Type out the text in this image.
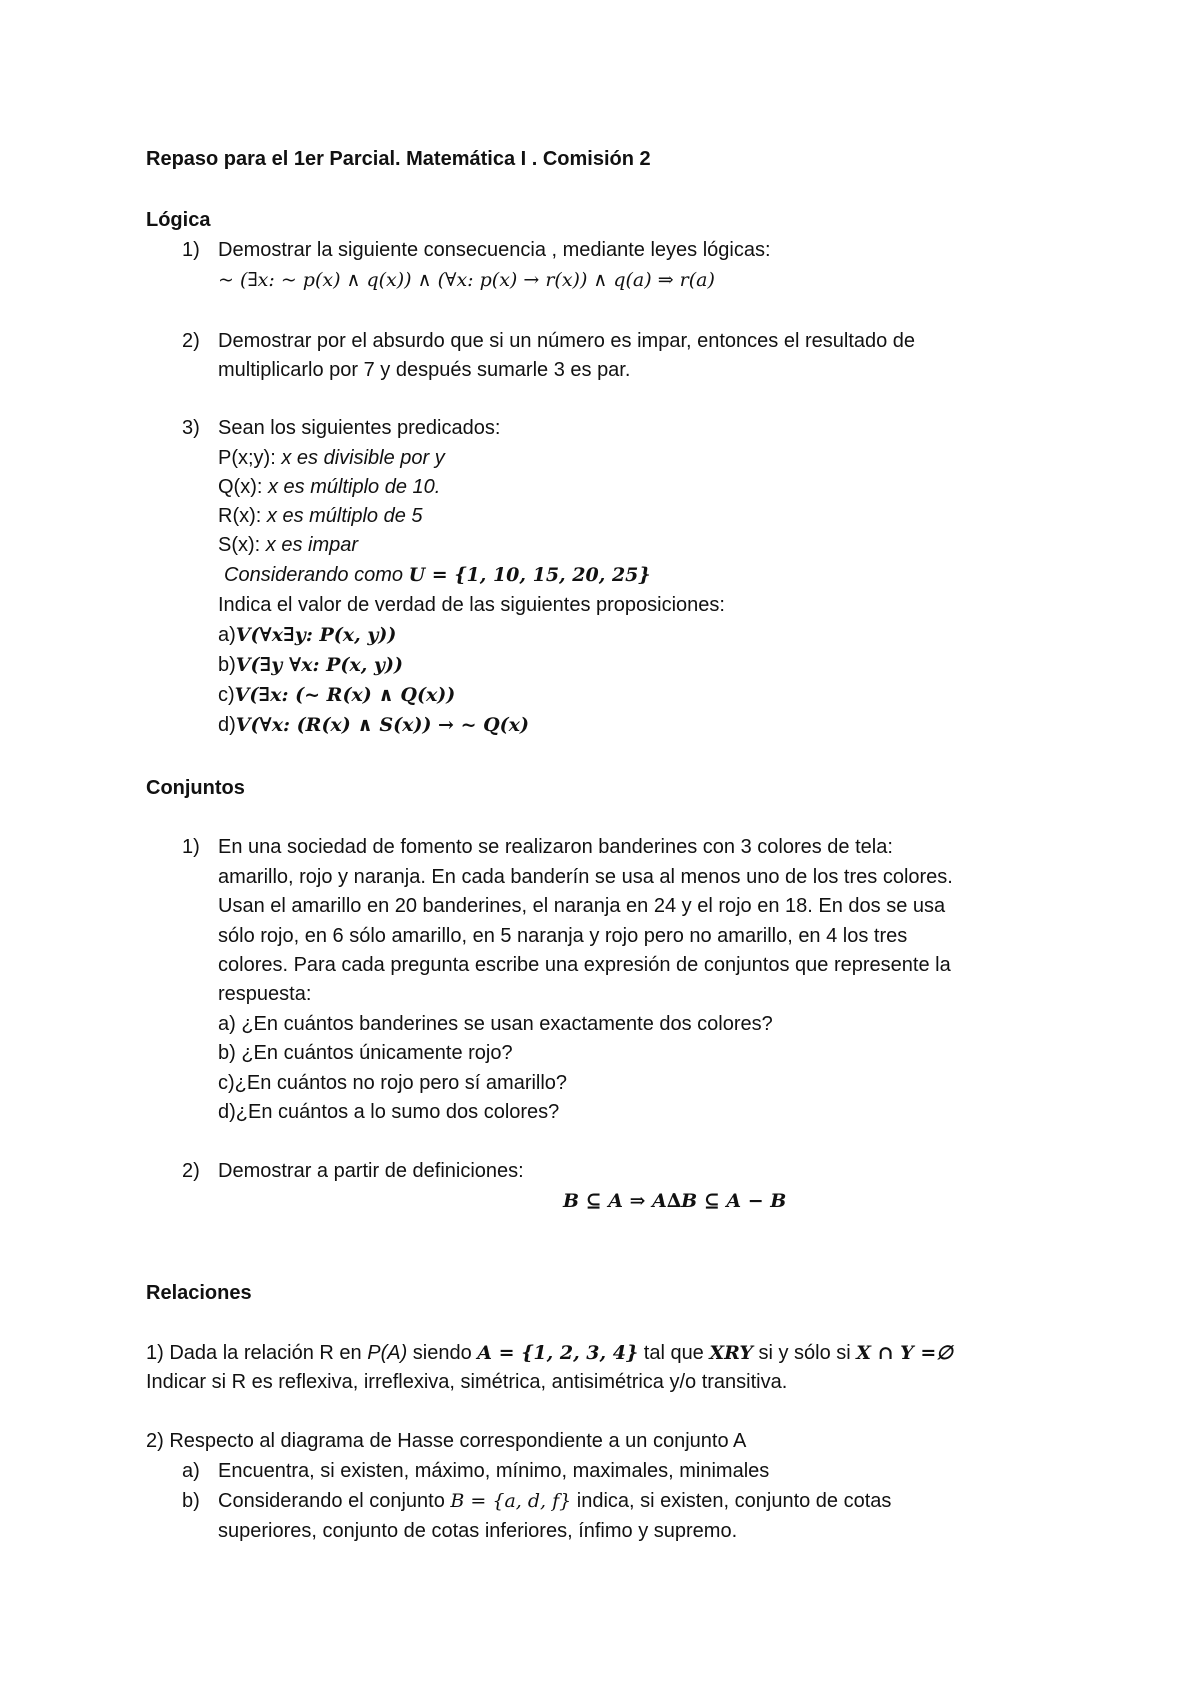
Repaso para el 1er Parcial. Matemática I . Comisión 2
Lógica
1) Demostrar la siguiente consecuencia , mediante leyes lógicas:
~ (∃x: ~ p(x) ∧ q(x)) ∧ (∀x: p(x) → r(x)) ∧ q(a) ⇒ r(a)
2) Demostrar por el absurdo que si un número es impar, entonces el resultado de
multiplicarlo por 7 y después sumarle 3 es par.
3) Sean los siguientes predicados:
P(x;y): x es divisible por y
Q(x): x es múltiplo de 10.
R(x): x es múltiplo de 5
S(x): x es impar
Considerando como U = {1, 10, 15, 20, 25}
Indica el valor de verdad de las siguientes proposiciones:
a)V(∀x∃y: P(x, y))
b)V(∃y ∀x: P(x, y))
c)V(∃x: (~ R(x) ∧ Q(x))
d)V(∀x: (R(x) ∧ S(x)) → ~ Q(x)
Conjuntos
1) En una sociedad de fomento se realizaron banderines con 3 colores de tela:
amarillo, rojo y naranja. En cada banderín se usa al menos uno de los tres colores.
Usan el amarillo en 20 banderines, el naranja en 24 y el rojo en 18. En dos se usa
sólo rojo, en 6 sólo amarillo, en 5 naranja y rojo pero no amarillo, en 4 los tres
colores. Para cada pregunta escribe una expresión de conjuntos que represente la
respuesta:
a) ¿En cuántos banderines se usan exactamente dos colores?
b) ¿En cuántos únicamente rojo?
c)¿En cuántos no rojo pero sí amarillo?
d)¿En cuántos a lo sumo dos colores?
2) Demostrar a partir de definiciones:
B ⊆ A ⇒ A∆B ⊆ A − B
Relaciones
1) Dada la relación R en P(A) siendo A = {1, 2, 3, 4} tal que XRY si y sólo si X ∩ Y =∅
Indicar si R es reflexiva, irreflexiva, simétrica, antisimétrica y/o transitiva.
2) Respecto al diagrama de Hasse correspondiente a un conjunto A
a) Encuentra, si existen, máximo, mínimo, maximales, minimales
b) Considerando el conjunto B = {a, d, f} indica, si existen, conjunto de cotas
superiores, conjunto de cotas inferiores, ínfimo y supremo.
